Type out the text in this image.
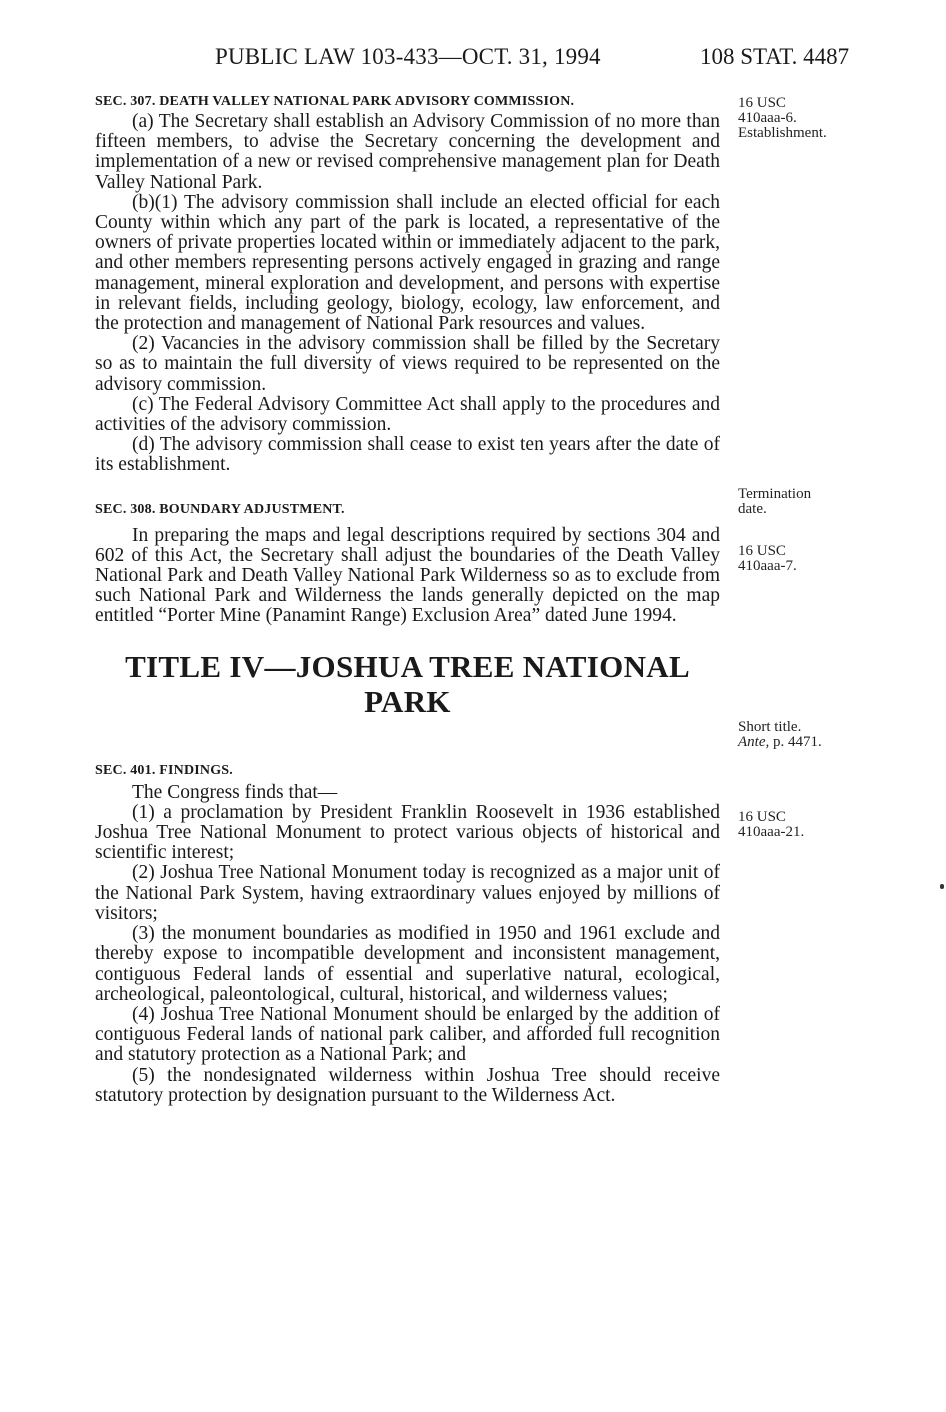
PUBLIC LAW 103-433—OCT. 31, 1994	108 STAT. 4487
SEC. 307. DEATH VALLEY NATIONAL PARK ADVISORY COMMISSION.

(a) The Secretary shall establish an Advisory Commission of no more than fifteen members, to advise the Secretary concerning the development and implementation of a new or revised comprehensive management plan for Death Valley National Park.

(b)(1) The advisory commission shall include an elected official for each County within which any part of the park is located, a representative of the owners of private properties located within or immediately adjacent to the park, and other members representing persons actively engaged in grazing and range management, mineral exploration and development, and persons with expertise in relevant fields, including geology, biology, ecology, law enforcement, and the protection and management of National Park resources and values.

(2) Vacancies in the advisory commission shall be filled by the Secretary so as to maintain the full diversity of views required to be represented on the advisory commission.

(c) The Federal Advisory Committee Act shall apply to the procedures and activities of the advisory commission.

(d) The advisory commission shall cease to exist ten years after the date of its establishment.

SEC. 308. BOUNDARY ADJUSTMENT.

In preparing the maps and legal descriptions required by sections 304 and 602 of this Act, the Secretary shall adjust the boundaries of the Death Valley National Park and Death Valley National Park Wilderness so as to exclude from such National Park and Wilderness the lands generally depicted on the map entitled “Porter Mine (Panamint Range) Exclusion Area” dated June 1994.

TITLE IV—JOSHUA TREE NATIONAL
PARK
SEC. 401. FINDINGS.

The Congress finds that—

(1) a proclamation by President Franklin Roosevelt in 1936 established Joshua Tree National Monument to protect various objects of historical and scientific interest;

(2) Joshua Tree National Monument today is recognized as a major unit of the National Park System, having extraordinary values enjoyed by millions of visitors;

(3) the monument boundaries as modified in 1950 and 1961 exclude and thereby expose to incompatible development and inconsistent management, contiguous Federal lands of essential and superlative natural, ecological, archeological, paleontological, cultural, historical, and wilderness values;

(4) Joshua Tree National Monument should be enlarged by the addition of contiguous Federal lands of national park caliber, and afforded full recognition and statutory protection as a National Park; and

(5) the nondesignated wilderness within Joshua Tree should receive statutory protection by designation pursuant to the Wilderness Act.

16 USC
410aaa-6.
Establishment.
Termination
date.
16 USC
410aaa-7.
Short title.
Ante, p. 4471.
16 USC
410aaa-21.
